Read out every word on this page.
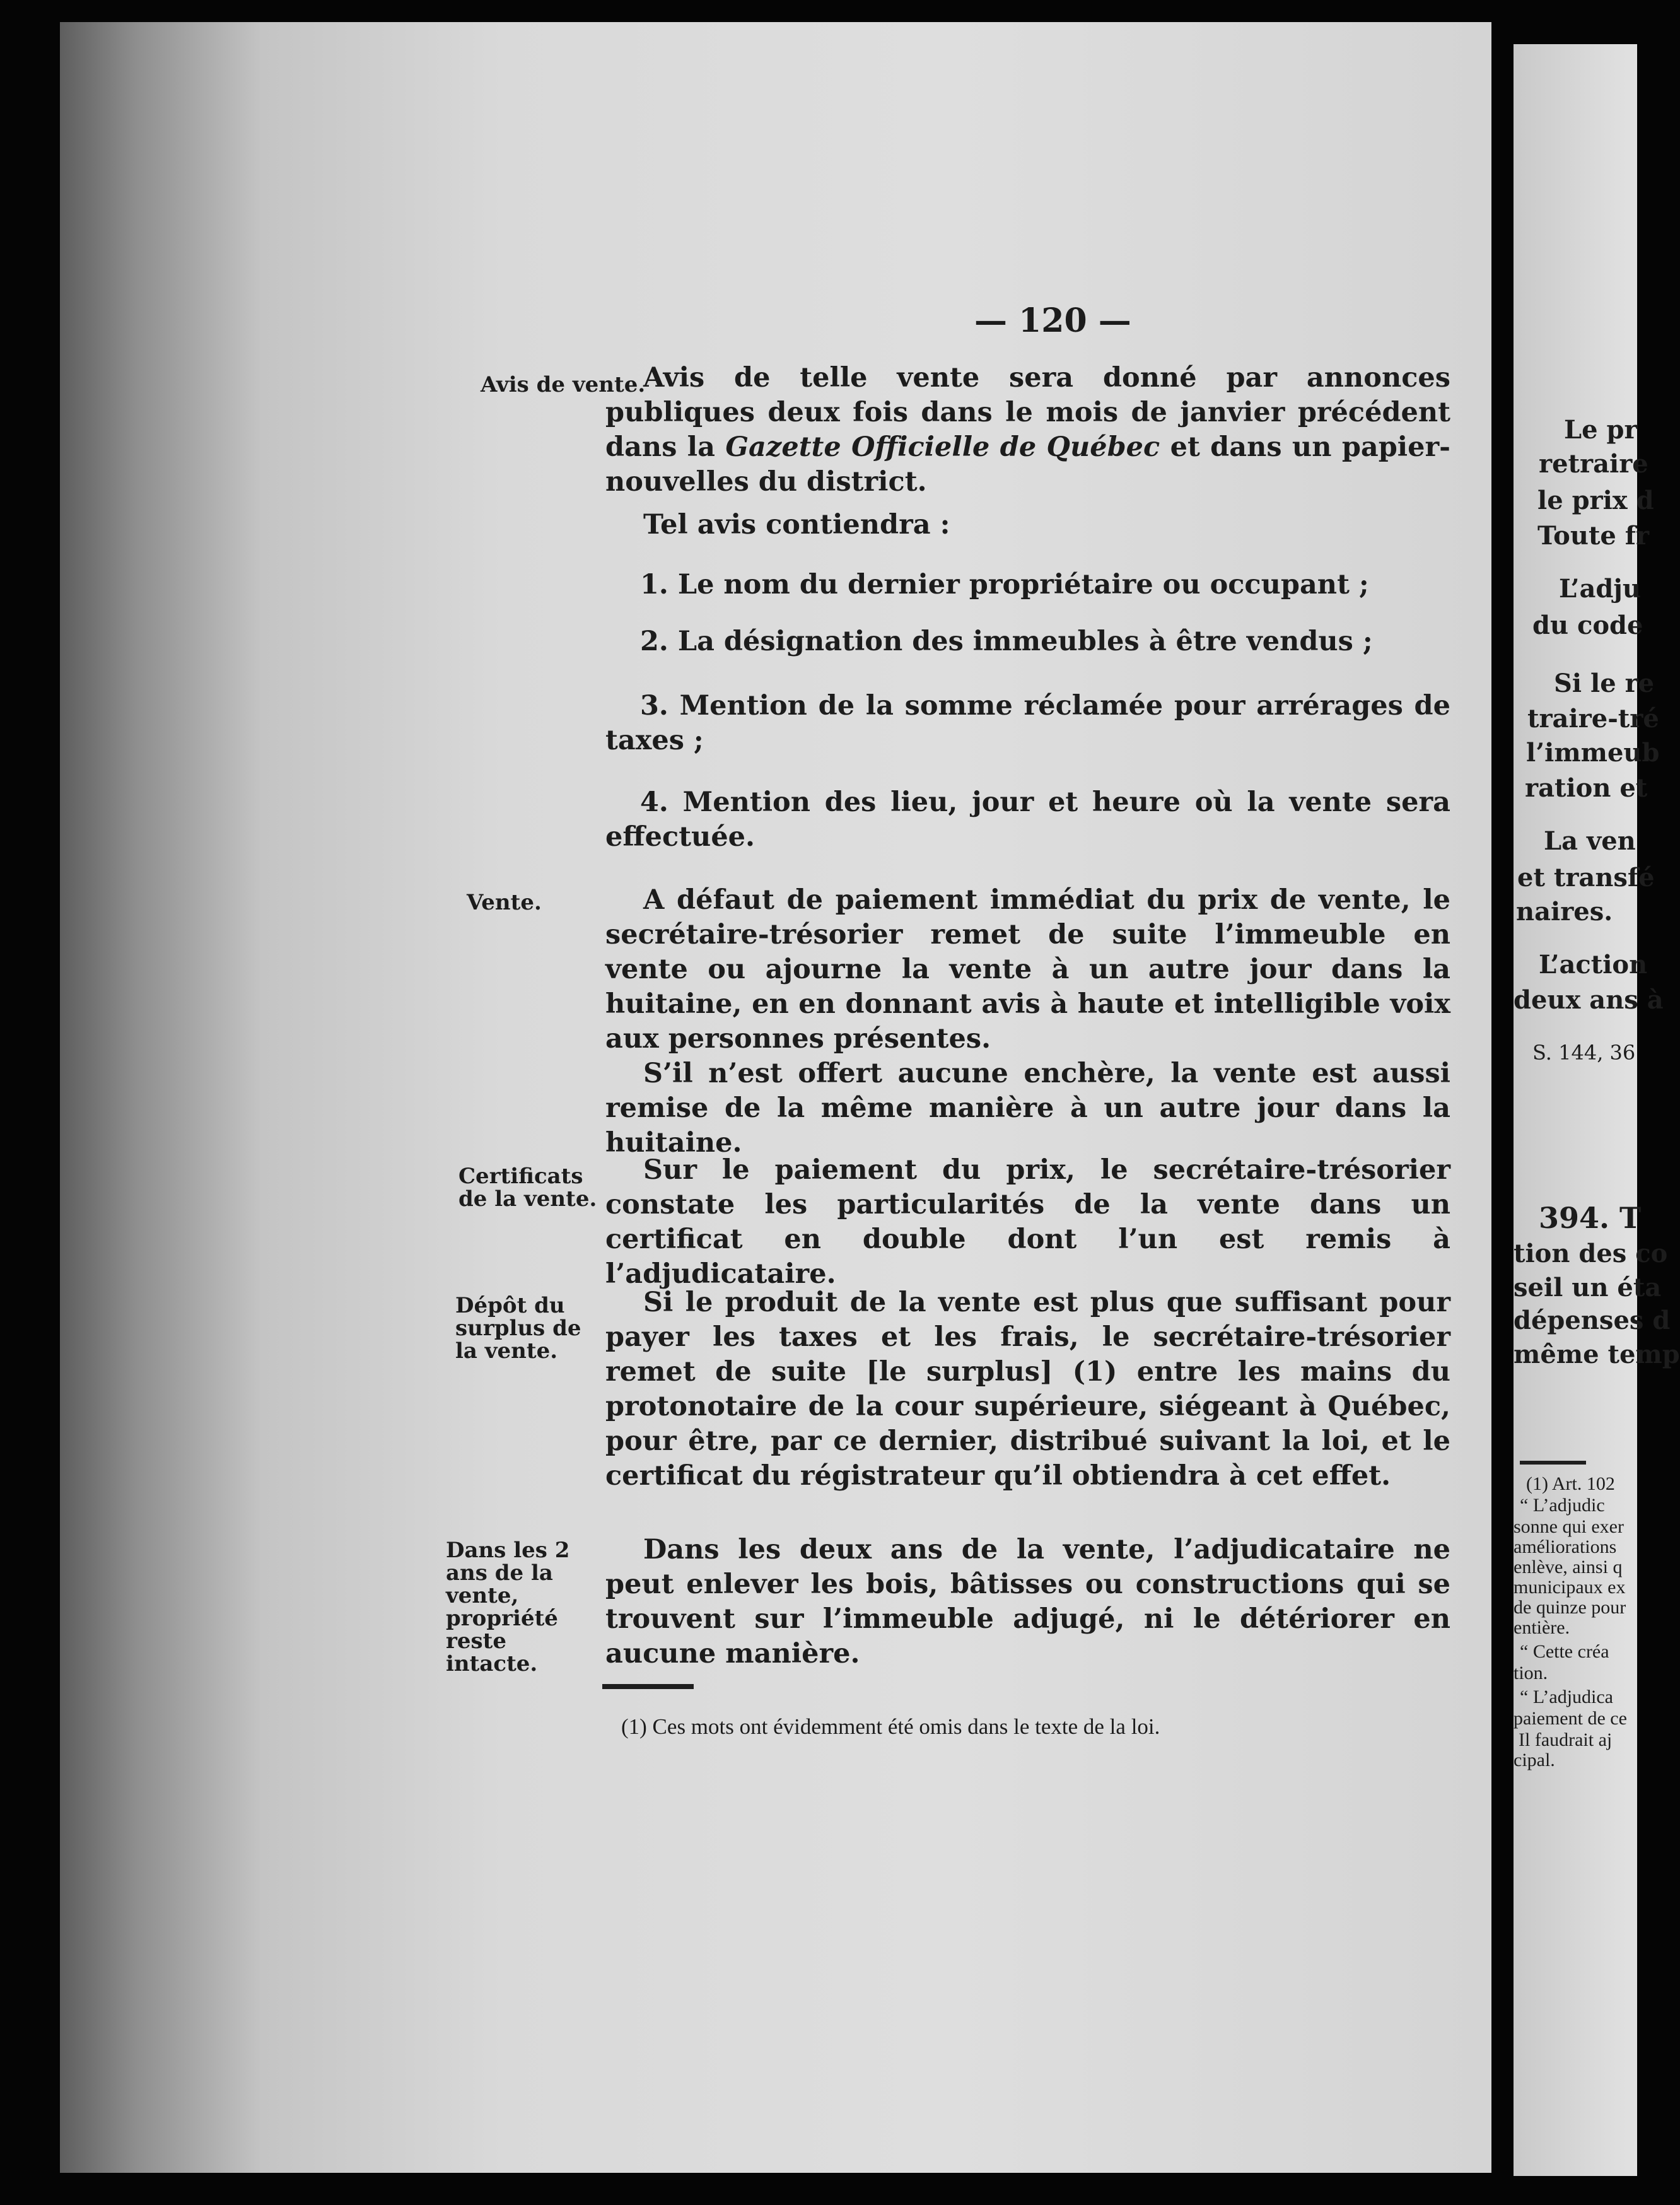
— 120 —
Avis de vente.
Vente.
Certificats de la vente.
Dépôt du surplus de la vente.
Dans les 2 ans de la vente, propriété reste intacte.
Avis de telle vente sera donné par annonces publiques deux fois dans le mois de janvier précédent dans la Gazette Officielle de Québec et dans un papier-nouvelles du district.
Tel avis contiendra :
1. Le nom du dernier propriétaire ou occupant ;
2. La désignation des immeubles à être vendus ;
3. Mention de la somme réclamée pour arrérages de taxes ;
4. Mention des lieu, jour et heure où la vente sera effectuée.
A défaut de paiement immédiat du prix de vente, le secrétaire-trésorier remet de suite l’immeuble en vente ou ajourne la vente à un autre jour dans la huitaine, en en donnant avis à haute et intelligible voix aux personnes présentes.
S’il n’est offert aucune enchère, la vente est aussi remise de la même manière à un autre jour dans la huitaine.
Sur le paiement du prix, le secrétaire-trésorier constate les particularités de la vente dans un certificat en double dont l’un est remis à l’adjudicataire.
Si le produit de la vente est plus que suffisant pour payer les taxes et les frais, le secrétaire-trésorier remet de suite [le surplus] (1) entre les mains du protonotaire de la cour supérieure, siégeant à Québec, pour être, par ce dernier, distribué suivant la loi, et le certificat du régistrateur qu’il obtiendra à cet effet.
Dans les deux ans de la vente, l’adjudicataire ne peut enlever les bois, bâtisses ou constructions qui se trouvent sur l’immeuble adjugé, ni le détériorer en aucune manière.
(1) Ces mots ont évidemment été omis dans le texte de la loi.
Le pr
retraire
le prix d
Toute fr
L’adju
du code
Si le re
traire-tré
l’immeub
ration et
La ven
et transfé
naires.
L’action
deux ans à
S. 144, 36
394. T
tion des co
seil un éta
dépenses d
même temp
(1) Art. 102
“ L’adjudic
sonne qui exer
améliorations
enlève, ainsi q
municipaux ex
de quinze pour
entière.
“ Cette créa
tion.
“ L’adjudica
paiement de ce
Il faudrait aj
cipal.
